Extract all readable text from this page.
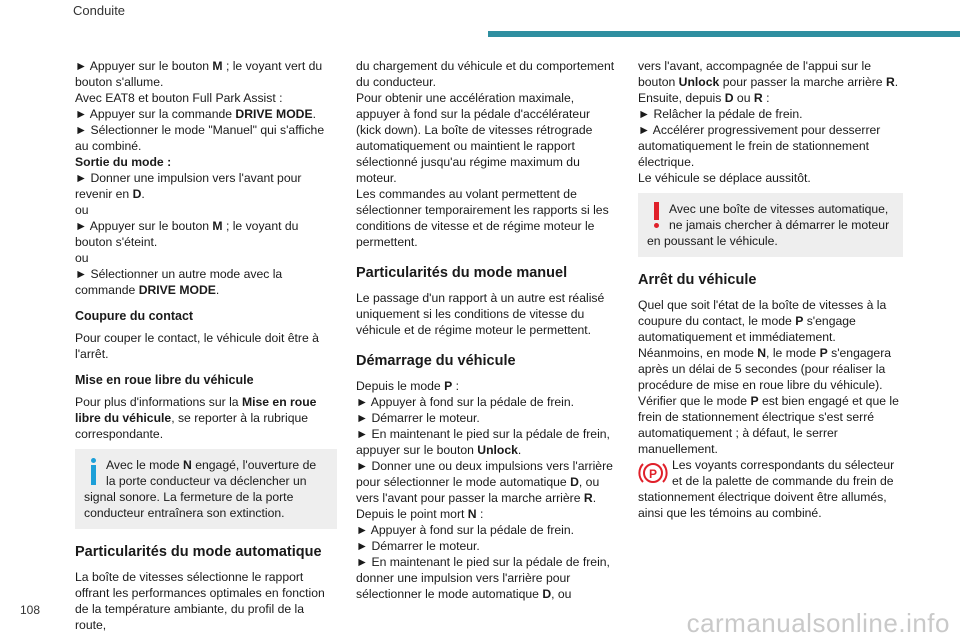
Conduite

► Appuyer sur le bouton M ; le voyant vert du bouton s'allume.

Avec EAT8 et bouton Full Park Assist :

► Appuyer sur la commande DRIVE MODE.

► Sélectionner le mode "Manuel" qui s'affiche au combiné.

Sortie du mode :

► Donner une impulsion vers l'avant pour revenir en D.

ou

► Appuyer sur le bouton M ; le voyant du bouton s'éteint.

ou

► Sélectionner un autre mode avec la commande DRIVE MODE.

Coupure du contact

Pour couper le contact, le véhicule doit être à l'arrêt.

Mise en roue libre du véhicule

Pour plus d'informations sur la Mise en roue libre du véhicule, se reporter à la rubrique correspondante.

Avec le mode N engagé, l'ouverture de la porte conducteur va déclencher un signal sonore. La fermeture de la porte conducteur entraînera son extinction.
Particularités du mode automatique

La boîte de vitesses sélectionne le rapport offrant les performances optimales en fonction de la température ambiante, du profil de la route,

du chargement du véhicule et du comportement du conducteur.

Pour obtenir une accélération maximale, appuyer à fond sur la pédale d'accélérateur (kick down). La boîte de vitesses rétrograde automatiquement ou maintient le rapport sélectionné jusqu'au régime maximum du moteur.

Les commandes au volant permettent de sélectionner temporairement les rapports si les conditions de vitesse et de régime moteur le permettent.

Particularités du mode manuel

Le passage d'un rapport à un autre est réalisé uniquement si les conditions de vitesse du véhicule et de régime moteur le permettent.

Démarrage du véhicule

Depuis le mode P :

► Appuyer à fond sur la pédale de frein.

► Démarrer le moteur.

► En maintenant le pied sur la pédale de frein, appuyer sur le bouton Unlock.

► Donner une ou deux impulsions vers l'arrière pour sélectionner le mode automatique D, ou vers l'avant pour passer la marche arrière R.

Depuis le point mort N :

► Appuyer à fond sur la pédale de frein.

► Démarrer le moteur.

► En maintenant le pied sur la pédale de frein, donner une impulsion vers l'arrière pour sélectionner le mode automatique D, ou

vers l'avant, accompagnée de l'appui sur le bouton Unlock pour passer la marche arrière R.

Ensuite, depuis D ou R :

► Relâcher la pédale de frein.

► Accélérer progressivement pour desserrer automatiquement le frein de stationnement électrique.

Le véhicule se déplace aussitôt.

Avec une boîte de vitesses automatique, ne jamais chercher à démarrer le moteur en poussant le véhicule.
Arrêt du véhicule

Quel que soit l'état de la boîte de vitesses à la coupure du contact, le mode P s'engage automatiquement et immédiatement.

Néanmoins, en mode N, le mode P s'engagera après un délai de 5 secondes (pour réaliser la procédure de mise en roue libre du véhicule).

Vérifier que le mode P est bien engagé et que le frein de stationnement électrique s'est serré automatiquement ; à défaut, le serrer manuellement.

P

Les voyants correspondants du sélecteur et de la palette de commande du frein de stationnement électrique doivent être allumés, ainsi que les témoins au combiné.

108	carmanualsonline.info
